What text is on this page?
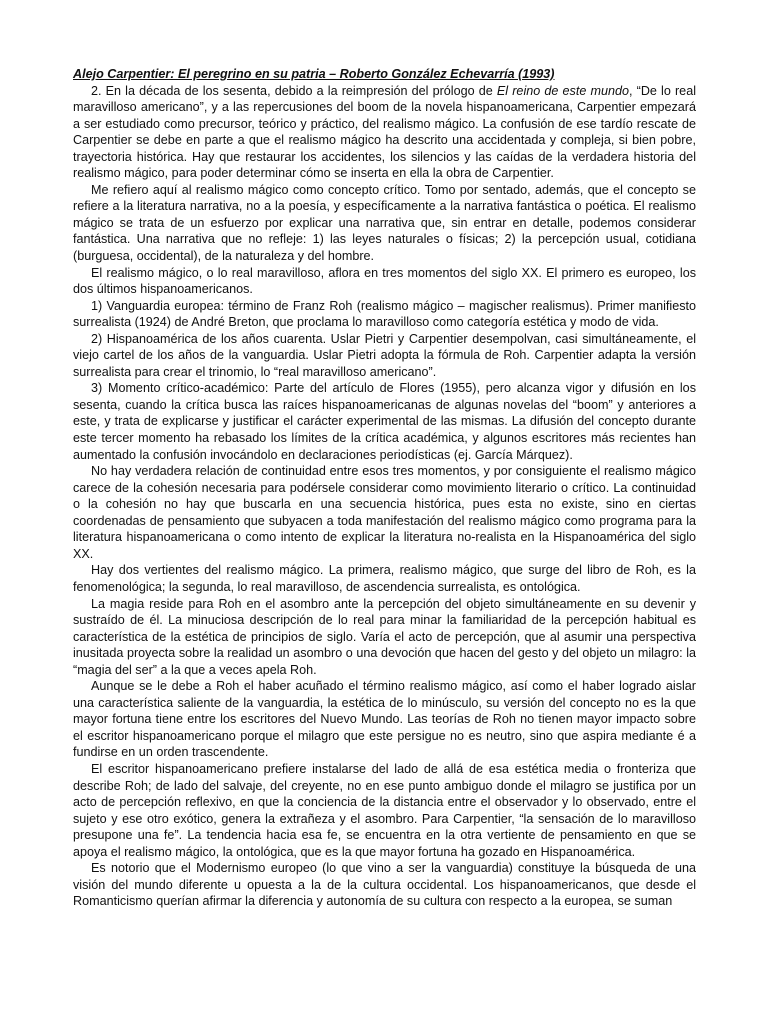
Alejo Carpentier: El peregrino en su patria – Roberto González Echevarría (1993)

2. En la década de los sesenta, debido a la reimpresión del prólogo de El reino de este mundo, “De lo real maravilloso americano”, y a las repercusiones del boom de la novela hispanoamericana, Carpentier empezará a ser estudiado como precursor, teórico y práctico, del realismo mágico. La confusión de ese tardío rescate de Carpentier se debe en parte a que el realismo mágico ha descrito una accidentada y compleja, si bien pobre, trayectoria histórica. Hay que restaurar los accidentes, los silencios y las caídas de la verdadera historia del realismo mágico, para poder determinar cómo se inserta en ella la obra de Carpentier.

Me refiero aquí al realismo mágico como concepto crítico. Tomo por sentado, además, que el concepto se refiere a la literatura narrativa, no a la poesía, y específicamente a la narrativa fantástica o poética. El realismo mágico se trata de un esfuerzo por explicar una narrativa que, sin entrar en detalle, podemos considerar fantástica. Una narrativa que no refleje: 1) las leyes naturales o físicas; 2) la percepción usual, cotidiana (burguesa, occidental), de la naturaleza y del hombre.

El realismo mágico, o lo real maravilloso, aflora en tres momentos del siglo XX. El primero es europeo, los dos últimos hispanoamericanos.

1) Vanguardia europea: término de Franz Roh (realismo mágico – magischer realismus). Primer manifiesto surrealista (1924) de André Breton, que proclama lo maravilloso como categoría estética y modo de vida.

2) Hispanoamérica de los años cuarenta. Uslar Pietri y Carpentier desempolvan, casi simultáneamente, el viejo cartel de los años de la vanguardia. Uslar Pietri adopta la fórmula de Roh. Carpentier adapta la versión surrealista para crear el trinomio, lo “real maravilloso americano”.

3) Momento crítico-académico: Parte del artículo de Flores (1955), pero alcanza vigor y difusión en los sesenta, cuando la crítica busca las raíces hispanoamericanas de algunas novelas del “boom” y anteriores a este, y trata de explicarse y justificar el carácter experimental de las mismas. La difusión del concepto durante este tercer momento ha rebasado los límites de la crítica académica, y algunos escritores más recientes han aumentado la confusión invocándolo en declaraciones periodísticas (ej. García Márquez).

No hay verdadera relación de continuidad entre esos tres momentos, y por consiguiente el realismo mágico carece de la cohesión necesaria para podérsele considerar como movimiento literario o crítico. La continuidad o la cohesión no hay que buscarla en una secuencia histórica, pues esta no existe, sino en ciertas coordenadas de pensamiento que subyacen a toda manifestación del realismo mágico como programa para la literatura hispanoamericana o como intento de explicar la literatura no-realista en la Hispanoamérica del siglo XX.

Hay dos vertientes del realismo mágico. La primera, realismo mágico, que surge del libro de Roh, es la fenomenológica; la segunda, lo real maravilloso, de ascendencia surrealista, es ontológica.

La magia reside para Roh en el asombro ante la percepción del objeto simultáneamente en su devenir y sustraído de él. La minuciosa descripción de lo real para minar la familiaridad de la percepción habitual es característica de la estética de principios de siglo. Varía el acto de percepción, que al asumir una perspectiva inusitada proyecta sobre la realidad un asombro o una devoción que hacen del gesto y del objeto un milagro: la “magia del ser” a la que a veces apela Roh.

Aunque se le debe a Roh el haber acuñado el término realismo mágico, así como el haber logrado aislar una característica saliente de la vanguardia, la estética de lo minúsculo, su versión del concepto no es la que mayor fortuna tiene entre los escritores del Nuevo Mundo. Las teorías de Roh no tienen mayor impacto sobre el escritor hispanoamericano porque el milagro que este persigue no es neutro, sino que aspira mediante é a fundirse en un orden trascendente.

El escritor hispanoamericano prefiere instalarse del lado de allá de esa estética media o fronteriza que describe Roh; de lado del salvaje, del creyente, no en ese punto ambiguo donde el milagro se justifica por un acto de percepción reflexivo, en que la conciencia de la distancia entre el observador y lo observado, entre el sujeto y ese otro exótico, genera la extrañeza y el asombro. Para Carpentier, “la sensación de lo maravilloso presupone una fe”. La tendencia hacia esa fe, se encuentra en la otra vertiente de pensamiento en que se apoya el realismo mágico, la ontológica, que es la que mayor fortuna ha gozado en Hispanoamérica.

Es notorio que el Modernismo europeo (lo que vino a ser la vanguardia) constituye la búsqueda de una visión del mundo diferente u opuesta a la de la cultura occidental. Los hispanoamericanos, que desde el Romanticismo querían afirmar la diferencia y autonomía de su cultura con respecto a la europea, se suman
